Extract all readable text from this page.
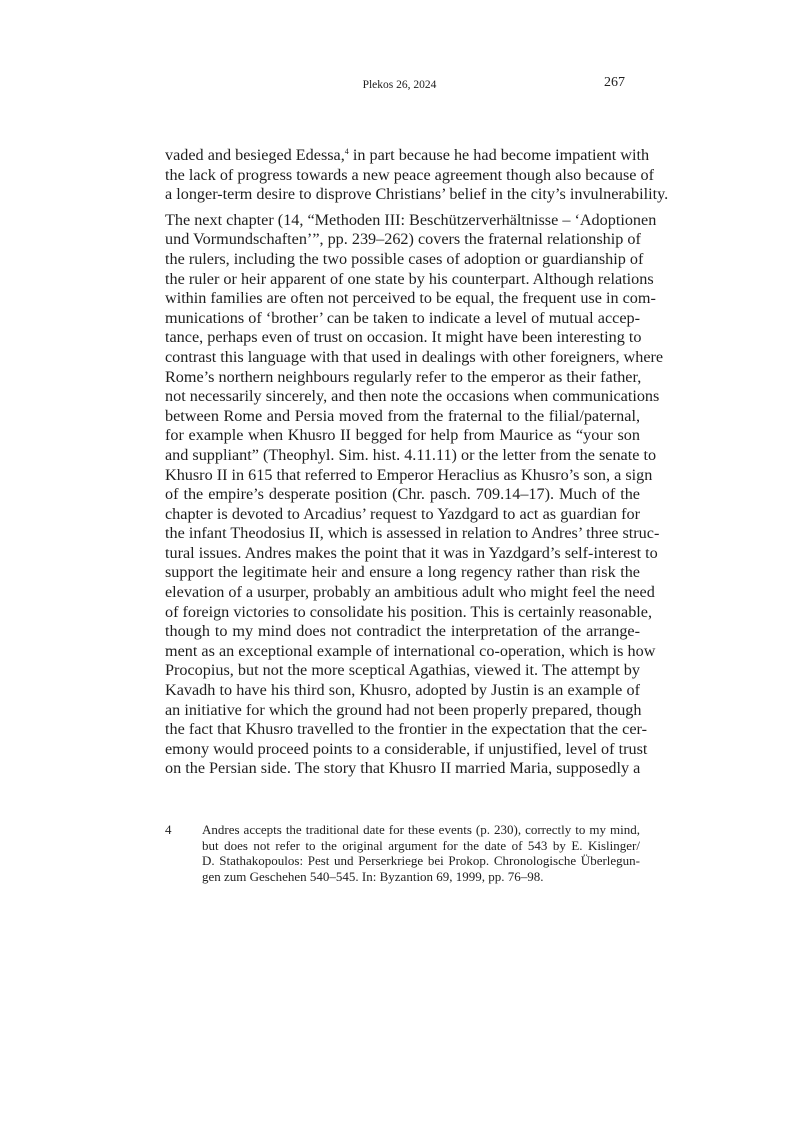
Plekos 26, 2024	267
vaded and besieged Edessa,$^4$ in part because he had become impatient with
the lack of progress towards a new peace agreement though also because of
a longer-term desire to disprove Christians’ belief in the city’s invulnerability.
The next chapter (14, “Methoden III: Beschützerverhältnisse – ‘Adoptionen
und Vormundschaften’”, pp. 239–262) covers the fraternal relationship of
the rulers, including the two possible cases of adoption or guardianship of
the ruler or heir apparent of one state by his counterpart. Although relations
within families are often not perceived to be equal, the frequent use in com-
munications of ‘brother’ can be taken to indicate a level of mutual accep-
tance, perhaps even of trust on occasion. It might have been interesting to
contrast this language with that used in dealings with other foreigners, where
Rome’s northern neighbours regularly refer to the emperor as their father,
not necessarily sincerely, and then note the occasions when communications
between Rome and Persia moved from the fraternal to the filial/paternal,
for example when Khusro II begged for help from Maurice as “your son
and suppliant” (Theophyl. Sim. hist. 4.11.11) or the letter from the senate to
Khusro II in 615 that referred to Emperor Heraclius as Khusro’s son, a sign
of the empire’s desperate position (Chr. pasch. 709.14–17). Much of the
chapter is devoted to Arcadius’ request to Yazdgard to act as guardian for
the infant Theodosius II, which is assessed in relation to Andres’ three struc-
tural issues. Andres makes the point that it was in Yazdgard’s self-interest to
support the legitimate heir and ensure a long regency rather than risk the
elevation of a usurper, probably an ambitious adult who might feel the need
of foreign victories to consolidate his position. This is certainly reasonable,
though to my mind does not contradict the interpretation of the arrange-
ment as an exceptional example of international co-operation, which is how
Procopius, but not the more sceptical Agathias, viewed it. The attempt by
Kavadh to have his third son, Khusro, adopted by Justin is an example of
an initiative for which the ground had not been properly prepared, though
the fact that Khusro travelled to the frontier in the expectation that the cer-
emony would proceed points to a considerable, if unjustified, level of trust
on the Persian side. The story that Khusro II married Maria, supposedly a
4 Andres accepts the traditional date for these events (p. 230), correctly to my mind,
but does not refer to the original argument for the date of 543 by E. Kislinger/
D. Stathakopoulos: Pest und Perserkriege bei Prokop. Chronologische Überlegun-
gen zum Geschehen 540–545. In: Byzantion 69, 1999, pp. 76–98.
